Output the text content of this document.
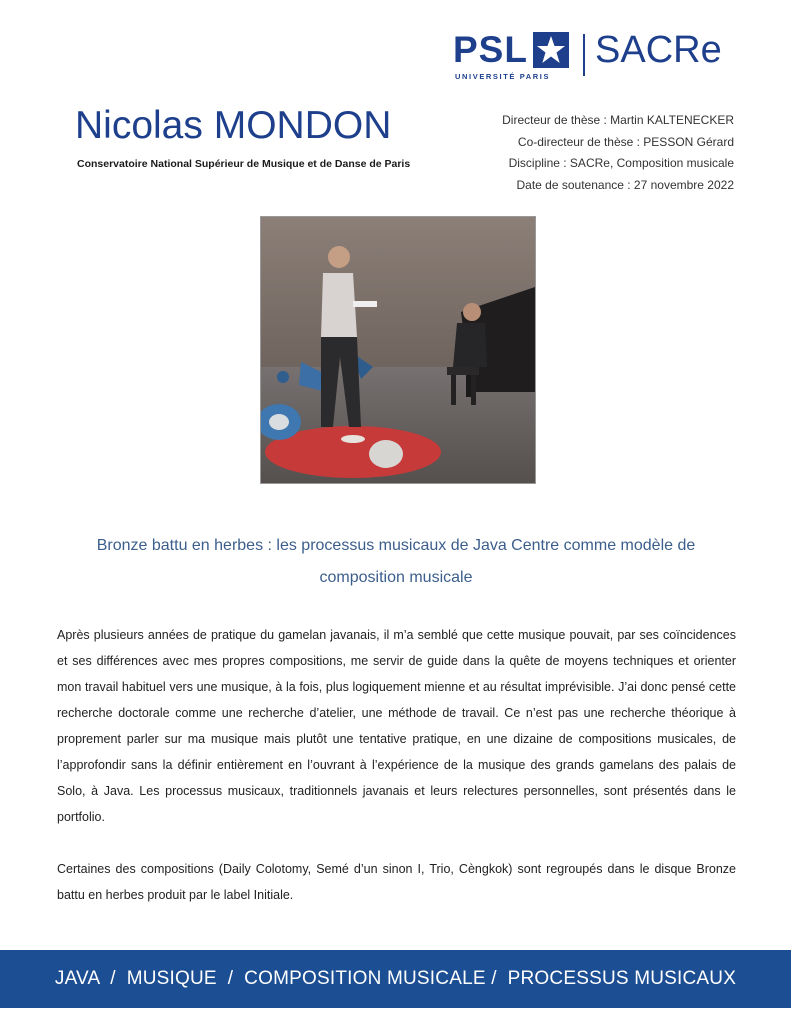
PSL
UNIVERSITÉ PARIS
SACRe
Nicolas MONDON
Conservatoire National Supérieur de Musique et de Danse de Paris
Directeur de thèse : Martin KALTENECKER
Co-directeur de thèse : PESSON Gérard
Discipline : SACRe, Composition musicale
Date de soutenance : 27 novembre 2022
Bronze battu en herbes : les processus musicaux de Java Centre comme modèle de composition musicale
Après plusieurs années de pratique du gamelan javanais, il m’a semblé que cette musique pouvait, par ses coïncidences et ses différences avec mes propres compositions, me servir de guide dans la quête de moyens techniques et orienter mon travail habituel vers une musique, à la fois, plus logiquement mienne et au résultat imprévisible. J’ai donc pensé cette recherche doctorale comme une recherche d’atelier, une méthode de travail. Ce n’est pas une recherche théorique à proprement parler sur ma musique mais plutôt une tentative pratique, en une dizaine de compositions musicales, de l’approfondir sans la définir entièrement en l’ouvrant à l’expérience de la musique des grands gamelans des palais de Solo, à Java. Les processus musicaux, traditionnels javanais et leurs relectures personnelles, sont présentés dans le portfolio.
Certaines des compositions (Daily Colotomy, Semé d’un sinon I, Trio, Cèngkok) sont regroupés dans le disque Bronze battu en herbes produit par le label Initiale.
JAVA  /  MUSIQUE  /  COMPOSITION MUSICALE /  PROCESSUS MUSICAUX
